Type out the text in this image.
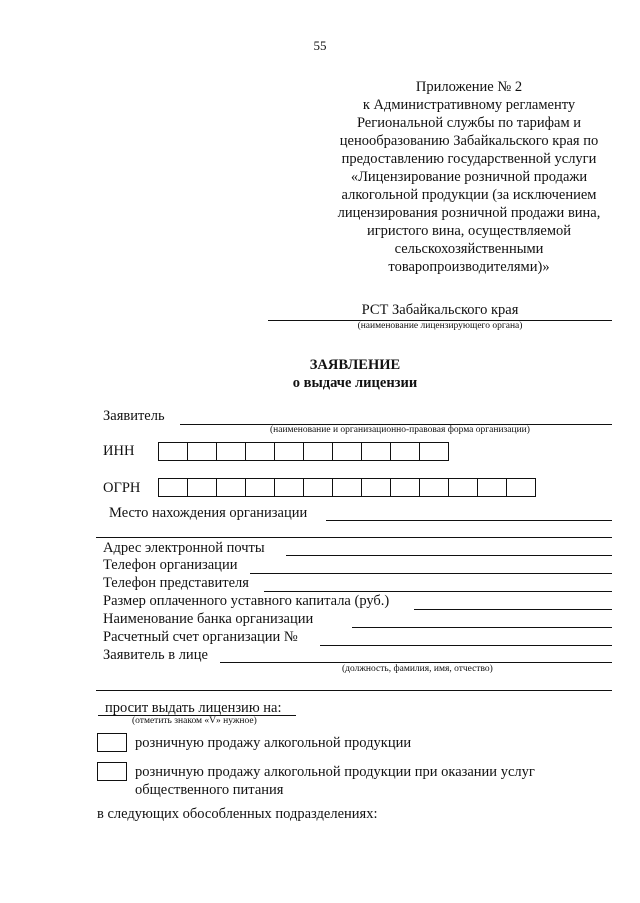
55
Приложение № 2
к Административному регламенту
Региональной службы по тарифам и
ценообразованию Забайкальского края по
предоставлению государственной услуги
«Лицензирование розничной продажи
алкогольной продукции (за исключением
лицензирования розничной продажи вина,
игристого вина, осуществляемой
сельскохозяйственными
товаропроизводителями)»
РСТ Забайкальского края
(наименование лицензирующего органа)
ЗАЯВЛЕНИЕ
о выдаче лицензии
Заявитель
(наименование и организационно-правовая форма организации)
ИНН
ОГРН
Место нахождения организации
Адрес электронной почты
Телефон организации
Телефон представителя
Размер оплаченного уставного капитала (руб.)
Наименование банка организации
Расчетный счет организации №
Заявитель в лице
(должность, фамилия, имя, отчество)
просит выдать лицензию на:
(отметить знаком «V» нужное)
розничную продажу алкогольной продукции
розничную продажу алкогольной продукции при оказании услуг
общественного питания
в следующих обособленных подразделениях:
